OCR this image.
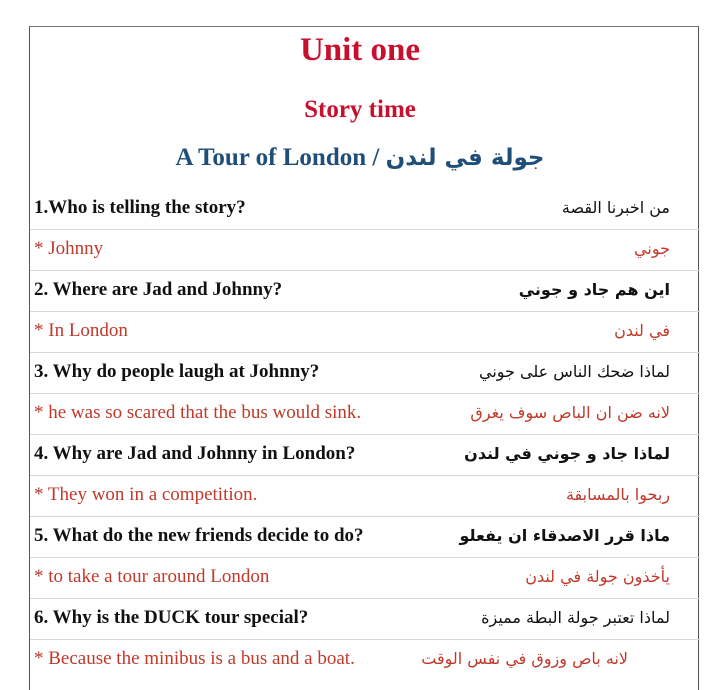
Unit one
Story time
A Tour of London / جولة في لندن
1.Who is telling the story?	من اخبرنا القصة
* Johnny	جوني
2. Where are Jad and Johnny?	اين هم جاد و جوني
* In London	في لندن
3. Why do people laugh at Johnny?	لماذا ضحك الناس على جوني
* he was so scared that the bus would sink.	لانه ضن ان الباص سوف يغرق
4. Why are Jad and Johnny in London?	لماذا جاد و جوني في لندن
* They won in a competition.	ربحوا بالمسابقة
5. What do the new friends decide to do?	ماذا قرر الاصدقاء ان يفعلو
* to take a tour around London	يأخذون جولة في لندن
6. Why is the DUCK tour special?	لماذا تعتبر جولة البطة مميزة
* Because the minibus is a bus and a boat.	لانه باص وزوق في نفس الوقت
